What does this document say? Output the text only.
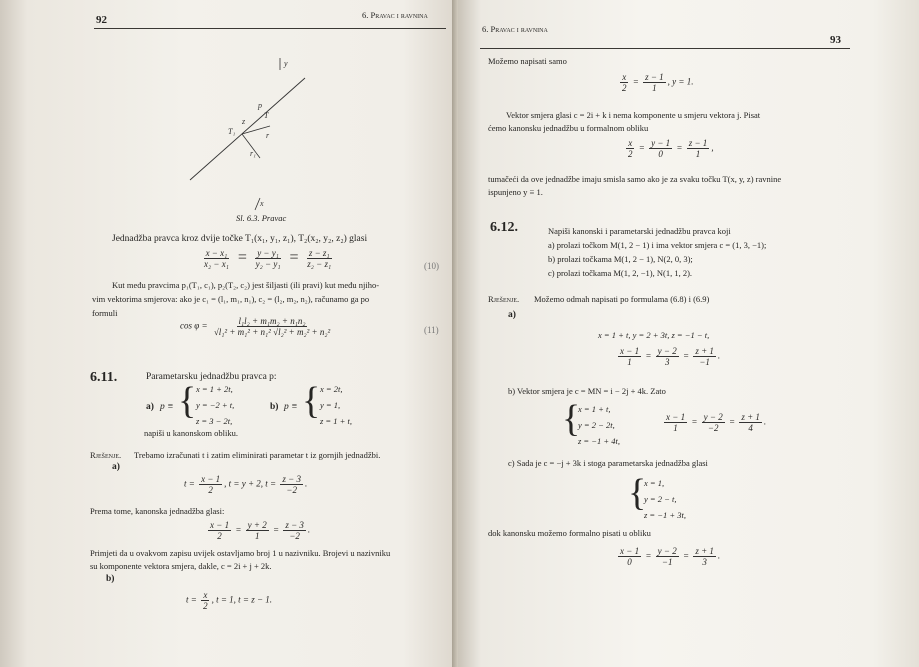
92	6. Pravac i ravnina
y
p
T
T₁
z
r
r₁
x
Sl. 6.3. Pravac
Jednadžba pravca kroz dvije točke T₁(x₁, y₁, z₁), T₂(x₂, y₂, z₂) glasi
$\frac{\text{x − x₁}}{\text{x₂ − x₁}} = \frac{\text{y − y₁}}{\text{y₂ − y₁}} = \frac{\text{z − z₁}}{\text{z₂ − z₁}}$	(10)
Kut među pravcima p₁(T₁, c₁), p₂(T₂, c₂) jest šiljasti (ili pravi) kut među njiho-
vim vektorima smjerova: ako je c₁ = (l₁, m₁, n₁), c₂ = (l₂, m₂, n₂), računamo ga po
formuli
$\cos \varphi = \frac{\text{l₁l₂ + m₁m₂ + n₁n₂}}{\text{√l₁² + m₁² + n₁² √l₂² + m₂² + n₂²}}$	(11)
6.11.	Parametarsku jednadžbu pravca p:
a) p ≡ { x = 1 + 2t,
y = −2 + t,
z = 3 − 2t,
b) p ≡ { x = 2t,
y = 1,
z = 1 + t,
napiši u kanonskom obliku.
Rješenje. Trebamo izračunati t i zatim eliminirati parametar t iz gornjih jednadžbi.
a)
$t = \frac{x - 1}{2}$ , t = y + 2, $t = \frac{z - 3}{-2}$ .
Prema tome, kanonska jednadžba glasi:
$\frac{x - 1}{2} = \frac{y + 2}{1} = \frac{z - 3}{-2}$ .
Primjeti da u ovakvom zapisu uvijek ostavljamo broj 1 u nazivniku. Brojevi u nazivniku
su komponente vektora smjera, dakle, c = 2i + j + 2k.
b)
$t = \frac{x}{2}$ , t = 1, t = z − 1.
6. Pravac i ravnina
93
Možemo napisati samo
$\frac{x}{2} = \frac{z - 1}{1}$ , y = 1.
Vektor smjera glasi c = 2i + k i nema komponente u smjeru vektora j. Pisat
ćemo kanonsku jednadžbu u formalnom obliku
$\frac{x}{2} = \frac{y - 1}{0} = \frac{z - 1}{1}$ ,
tumačeći da ove jednadžbe imaju smisla samo ako je za svaku točku T(x, y, z) ravnine
ispunjeno y ≡ 1.
6.12.	Napiši kanonski i parametarski jednadžbu pravca koji
a) prolazi točkom M(1, 2 − 1) i ima vektor smjera c = (1, 3, −1);
b) prolazi točkama M(1, 2 − 1), N(2, 0, 3);
c) prolazi točkama M(1, 2, −1), N(1, 1, 2).
Rješenje. Možemo odmah napisati po formulama (6.8) i (6.9)
a)
x = 1 + t, y = 2 + 3t, z = −1 − t,
$\frac{x - 1}{1} = \frac{y - 2}{3} = \frac{z + 1}{-1}$ .
b) Vektor smjera je c = MN = i − 2j + 4k. Zato
{
x = 1 + t,
y = 2 − 2t,
z = −1 + 4t,
$\frac{x - 1}{1} = \frac{y - 2}{-2} = \frac{z + 1}{4}$ .
c) Sada je c = −j + 3k i stoga parametarska jednadžba glasi
{
x = 1,
y = 2 − t,
z = −1 + 3t,
dok kanonsku možemo formalno pisati u obliku
$\frac{x - 1}{0} = \frac{y - 2}{-1} = \frac{z + 1}{3}$ .
